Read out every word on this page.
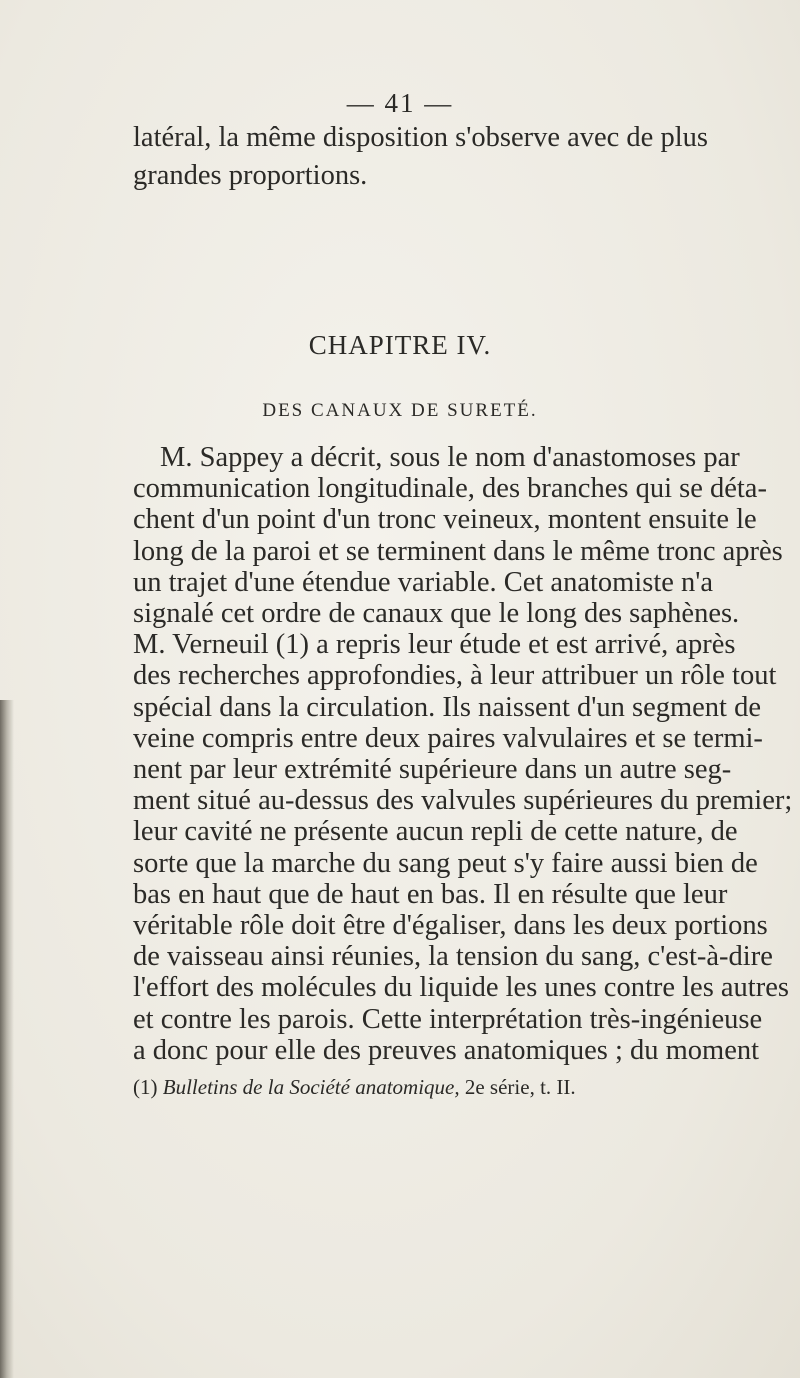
— 41 —
latéral, la même disposition s'observe avec de plus
grandes proportions.
CHAPITRE IV.
DES CANAUX DE SURETÉ.
M. Sappey a décrit, sous le nom d'anastomoses par
communication longitudinale, des branches qui se déta-
chent d'un point d'un tronc veineux, montent ensuite le
long de la paroi et se terminent dans le même tronc après
un trajet d'une étendue variable. Cet anatomiste n'a
signalé cet ordre de canaux que le long des saphènes.
M. Verneuil (1) a repris leur étude et est arrivé, après
des recherches approfondies, à leur attribuer un rôle tout
spécial dans la circulation. Ils naissent d'un segment de
veine compris entre deux paires valvulaires et se termi-
nent par leur extrémité supérieure dans un autre seg-
ment situé au-dessus des valvules supérieures du premier;
leur cavité ne présente aucun repli de cette nature, de
sorte que la marche du sang peut s'y faire aussi bien de
bas en haut que de haut en bas. Il en résulte que leur
véritable rôle doit être d'égaliser, dans les deux portions
de vaisseau ainsi réunies, la tension du sang, c'est-à-dire
l'effort des molécules du liquide les unes contre les autres
et contre les parois. Cette interprétation très-ingénieuse
a donc pour elle des preuves anatomiques ; du moment
(1) Bulletins de la Société anatomique, 2e série, t. II.
